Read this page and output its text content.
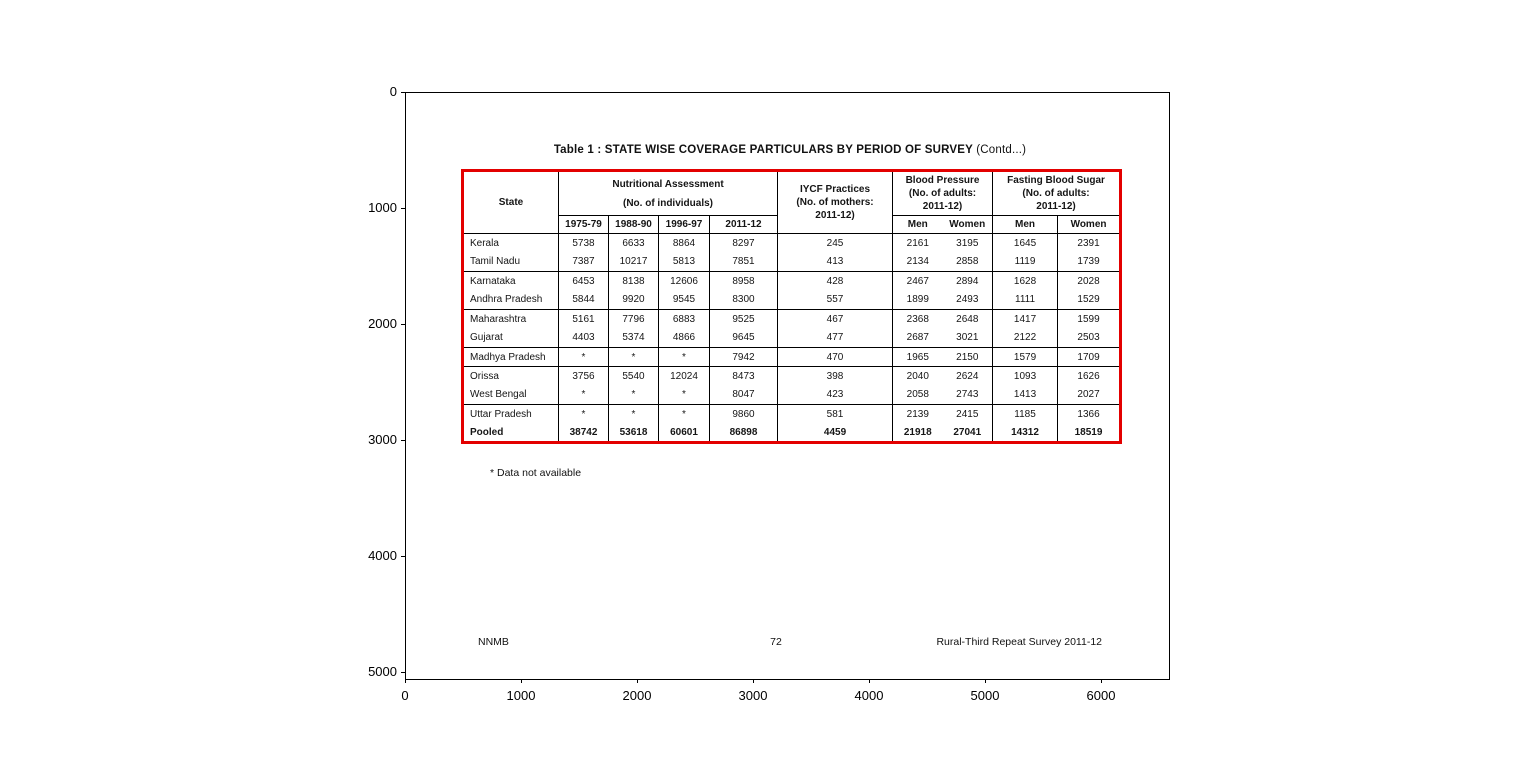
0
1000
2000
3000
4000
5000
0	1000	2000	3000	4000	5000	6000
Table 1 : STATE WISE COVERAGE PARTICULARS BY PERIOD OF SURVEY (Contd...)
State	
Nutritional Assessment
(No. of individuals)

IYCF Practices
(No. of mothers:
2011-12)

Blood Pressure
(No. of adults:
2011-12)

Fasting Blood Sugar
(No. of adults:
2011-12)

	1975-79	1988-90	1996-97	2011-12		Men	Women	Men	Women
Kerala	5738	6633	8864	8297	245	2161	3195	1645	2391
Tamil Nadu	7387	10217	5813	7851	413	2134	2858	1119	1739
Karnataka	6453	8138	12606	8958	428	2467	2894	1628	2028
Andhra Pradesh	5844	9920	9545	8300	557	1899	2493	1111	1529
Maharashtra	5161	7796	6883	9525	467	2368	2648	1417	1599
Gujarat	4403	5374	4866	9645	477	2687	3021	2122	2503
Madhya Pradesh	*	*	*	7942	470	1965	2150	1579	1709
Orissa	3756	5540	12024	8473	398	2040	2624	1093	1626
West Bengal	*	*	*	8047	423	2058	2743	1413	2027
Uttar Pradesh	*	*	*	9860	581	2139	2415	1185	1366
Pooled	38742	53618	60601	86898	4459	21918	27041	14312	18519
* Data not available
NNMB	72	Rural-Third Repeat Survey 2011-12
